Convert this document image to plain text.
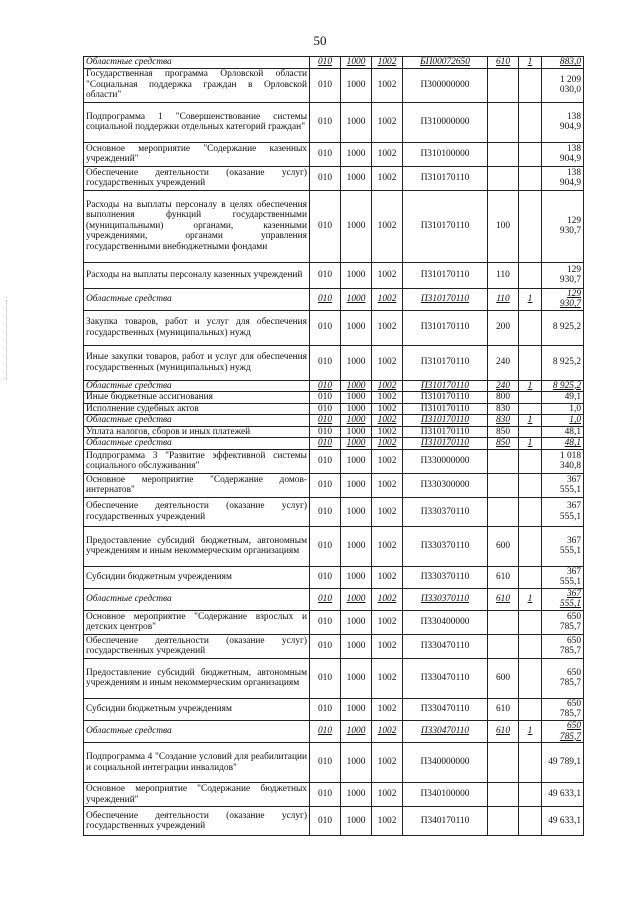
50
Областные средства	010	1000	1002	БП00072650	610	1	883,0
Государственная программа Орловской области "Социальная поддержка граждан в Орловской области"	010	1000	1002	П300000000			1 209 030,0
Подпрограмма 1 "Совершенствование системы социальной поддержки отдельных категорий граждан"	010	1000	1002	П310000000			138 904,9
Основное мероприятие "Содержание казенных учреждений"	010	1000	1002	П310100000			138 904,9
Обеспечение деятельности (оказание услуг) государственных учреждений	010	1000	1002	П310170110			138 904,9
Расходы на выплаты персоналу в целях обеспечения выполнения функций государственными (муниципальными) органами, казенными учреждениями, органами управления государственными внебюджетными фондами	010	1000	1002	П310170110	100		129 930,7
Расходы на выплаты персоналу казенных учреждений	010	1000	1002	П310170110	110		129 930,7
Областные средства	010	1000	1002	П310170110	110	1	129 930,7
Закупка товаров, работ и услуг для обеспечения государственных (муниципальных) нужд	010	1000	1002	П310170110	200		8 925,2
Иные закупки товаров, работ и услуг для обеспечения государственных (муниципальных) нужд	010	1000	1002	П310170110	240		8 925,2
Областные средства	010	1000	1002	П310170110	240	1	8 925,2
Иные бюджетные ассигнования	010	1000	1002	П310170110	800		49,1
Исполнение судебных актов	010	1000	1002	П310170110	830		1,0
Областные средства	010	1000	1002	П310170110	830	1	1,0
Уплата налогов, сборов и иных платежей	010	1000	1002	П310170110	850		48,1
Областные средства	010	1000	1002	П310170110	850	1	48,1
Подпрограмма 3 "Развитие эффективной системы социального обслуживания"	010	1000	1002	П330000000			1 018 340,8
Основное мероприятие "Содержание домов-интернатов"	010	1000	1002	П330300000			367 555,1
Обеспечение деятельности (оказание услуг) государственных учреждений	010	1000	1002	П330370110			367 555,1
Предоставление субсидий бюджетным, автономным учреждениям и иным некоммерческим организациям	010	1000	1002	П330370110	600		367 555,1
Субсидии бюджетным учреждениям	010	1000	1002	П330370110	610		367 555,1
Областные средства	010	1000	1002	П330370110	610	1	367 555,1
Основное мероприятие "Содержание взрослых и детских центров"	010	1000	1002	П330400000			650 785,7
Обеспечение деятельности (оказание услуг) государственных учреждений	010	1000	1002	П330470110			650 785,7
Предоставление субсидий бюджетным, автономным учреждениям и иным некоммерческим организациям	010	1000	1002	П330470110	600		650 785,7
Субсидии бюджетным учреждениям	010	1000	1002	П330470110	610		650 785,7
Областные средства	010	1000	1002	П330470110	610	1	650 785,7
Подпрограмма 4 "Создание условий для реабилитации и социальной интеграции инвалидов"	010	1000	1002	П340000000			49 789,1
Основное мероприятие "Содержание бюджетных учреждений"	010	1000	1002	П340100000			49 633,1
Обеспечение деятельности (оказание услуг) государственных учреждений	010	1000	1002	П340170110			49 633,1
